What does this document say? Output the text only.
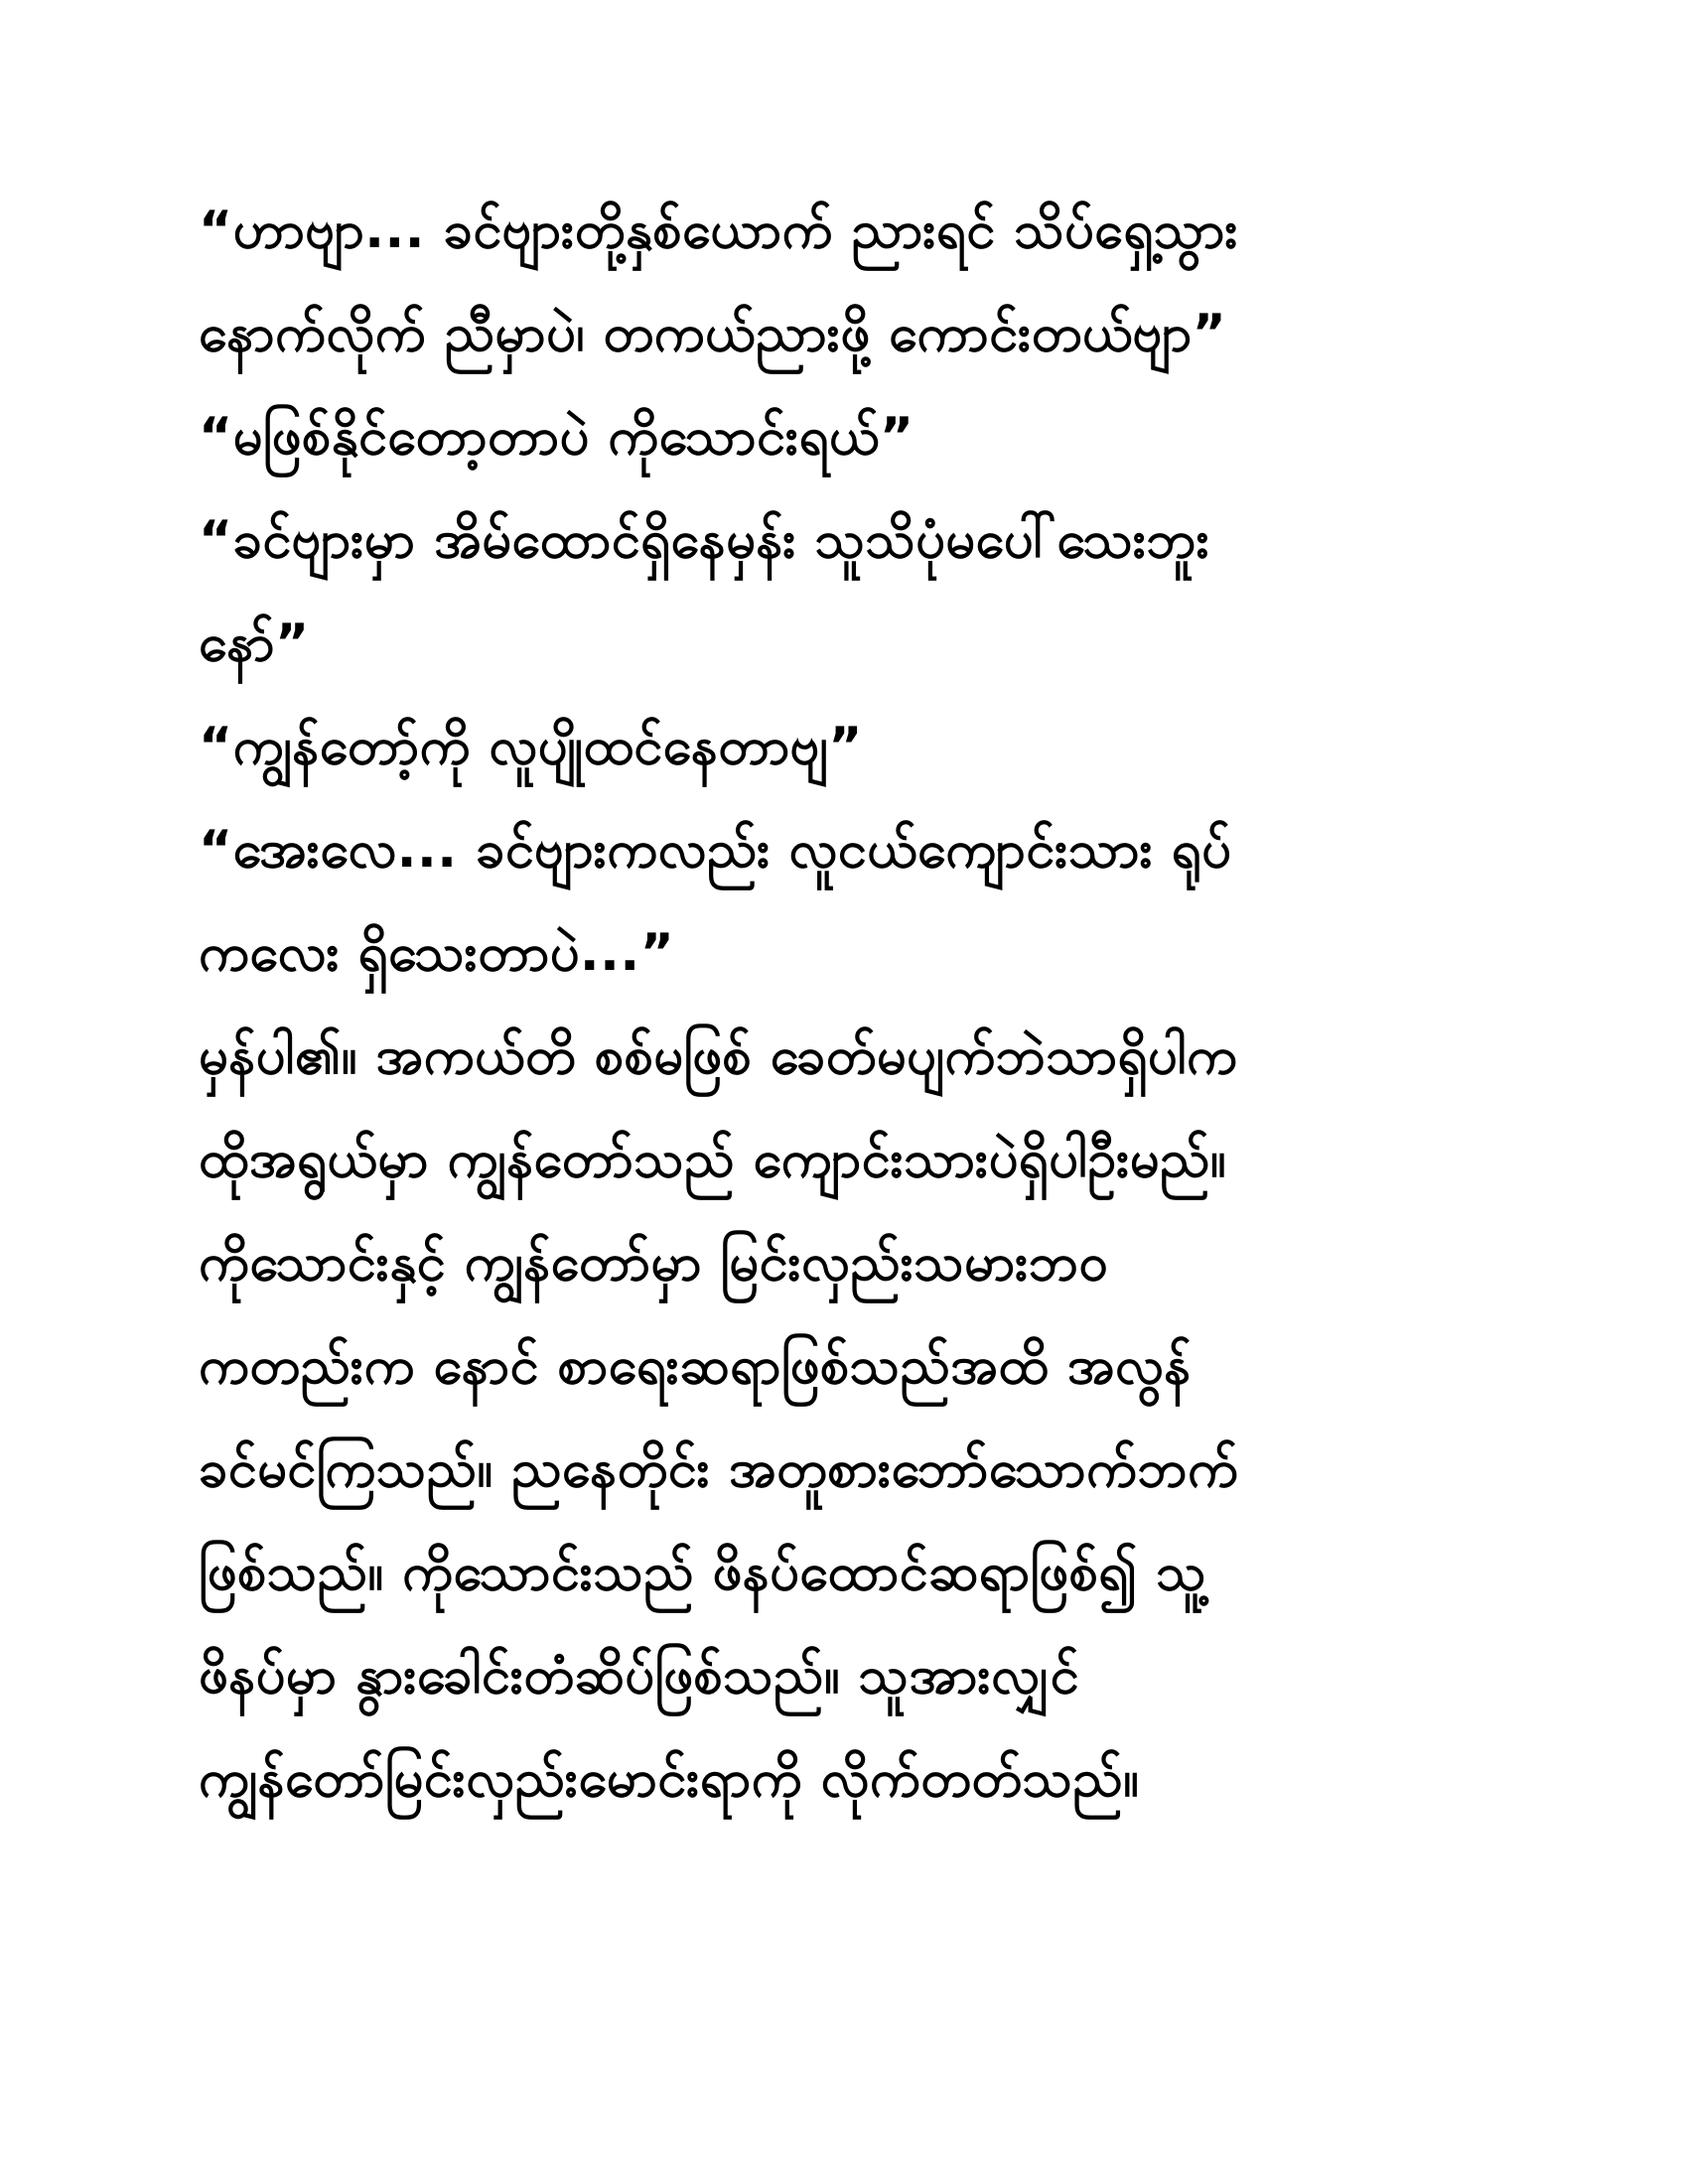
“ဟာဗျာ... ခင်ဗျားတို့နှစ်ယောက် ညားရင် သိပ်ရှေ့သွား
နောက်လိုက် ညီမှာပဲ၊ တကယ်ညားဖို့ ကောင်းတယ်ဗျာ”

“မဖြစ်နိုင်တော့တာပဲ ကိုသောင်းရယ်”

“ခင်ဗျားမှာ အိမ်ထောင်ရှိနေမှန်း သူသိပုံမပေါ်သေးဘူး
နော်”

“ကျွန်တော့်ကို လူပျိုထင်နေတာဗျ”

“အေးလေ... ခင်ဗျားကလည်း လူငယ်ကျောင်းသား ရုပ်
ကလေး ရှိသေးတာပဲ...”

မှန်ပါ၏။ အကယ်တိ စစ်မဖြစ် ခေတ်မပျက်ဘဲသာရှိပါက
ထိုအရွယ်မှာ ကျွန်တော်သည် ကျောင်းသားပဲရှိပါဦးမည်။

ကိုသောင်းနှင့် ကျွန်တော်မှာ မြင်းလှည်းသမားဘ၀
ကတည်းက နောင် စာရေးဆရာဖြစ်သည်အထိ အလွန်
ခင်မင်ကြသည်။ ညနေတိုင်း အတူစားဘော်သောက်ဘက်
ဖြစ်သည်။ ကိုသောင်းသည် ဖိနပ်ထောင်ဆရာဖြစ်၍ သူ့
ဖိနပ်မှာ နွားခေါင်းတံဆိပ်ဖြစ်သည်။ သူအားလျှင်
ကျွန်တော်မြင်းလှည်းမောင်းရာကို လိုက်တတ်သည်။
